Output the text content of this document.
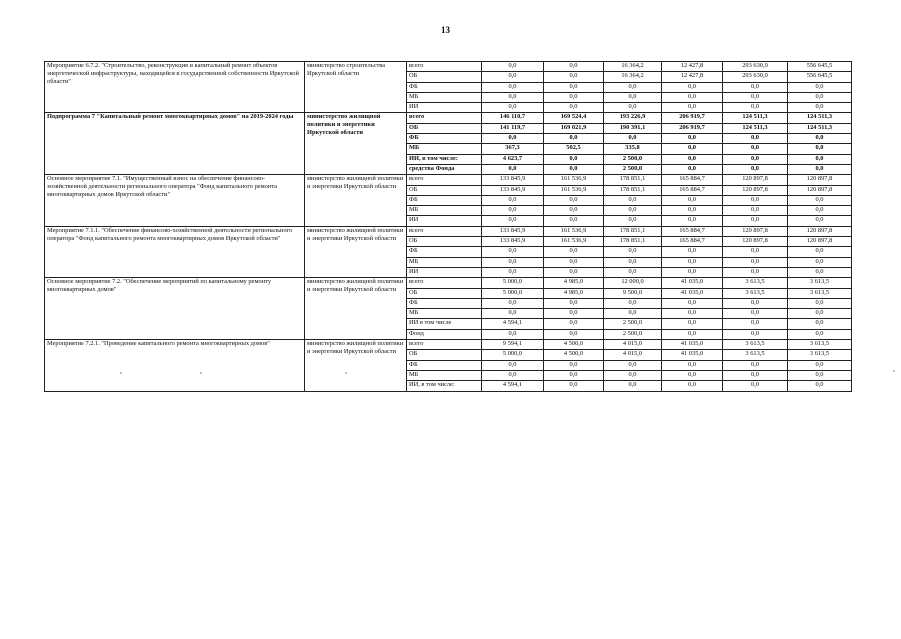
13
Мероприятие 6.7.2. "Строительство, реконструкция и капитальный ремонт объектов энергетической инфраструктуры, находящейся в государственной собственности Иркутской области"	министерство строительства Иркутской области	всего	0,0	0,0	16 364,2	12 427,8	293 630,0	556 645,5
		ОБ	0,0	0,0	16 364,2	12 427,8	293 630,0	556 645,5
		ФБ	0,0	0,0	0,0	0,0	0,0	0,0
		МБ	0,0	0,0	0,0	0,0	0,0	0,0
		ИИ	0,0	0,0	0,0	0,0	0,0	0,0
Подпрограмма 7 "Капитальный ремонт многоквартирных домов" на 2019-2024 годы	министерство жилищной политики и энергетики Иркутской области	всего	146 110,7	169 524,4	193 226,9	206 919,7	124 511,3	124 511,3
		ОБ	141 119,7	169 021,9	190 391,1	206 919,7	124 511,3	124 511,3
		ФБ	0,0	0,0	0,0	0,0	0,0	0,0
		МБ	367,3	502,5	335,8	0,0	0,0	0,0
		ИИ, в том числе:	4 623,7	0,0	2 500,0	0,0	0,0	0,0
		средства Фонда	0,0	0,0	2 500,0	0,0	0,0	0,0
Основное мероприятие 7.1. "Имущественный взнос на обеспечение финансово-хозяйственной деятельности регионального оператора "Фонд капитального ремонта многоквартирных домов Иркутской области"	министерство жилищной политики и энергетики Иркутской области	всего	133 845,9	161 536,9	178 851,1	165 884,7	120 897,8	120 897,8
		ОБ	133 845,9	161 536,9	178 851,1	165 884,7	120 897,8	120 897,8
		ФБ	0,0	0,0	0,0	0,0	0,0	0,0
		МБ	0,0	0,0	0,0	0,0	0,0	0,0
		ИИ	0,0	0,0	0,0	0,0	0,0	0,0
Мероприятие 7.1.1. "Обеспечение финансово-хозяйственной деятельности регионального оператора "Фонд капитального ремонта многоквартирных домов Иркутской области"	министерство жилищной политики и энергетики Иркутской области	всего	133 845,9	161 536,9	178 851,1	165 884,7	120 897,8	120 897,8
		ОБ	133 845,9	161 536,9	178 851,1	165 884,7	120 897,8	120 897,8
		ФБ	0,0	0,0	0,0	0,0	0,0	0,0
		МБ	0,0	0,0	0,0	0,0	0,0	0,0
		ИИ	0,0	0,0	0,0	0,0	0,0	0,0
Основное мероприятие 7.2. "Обеспечение мероприятий по капитальному ремонту многоквартирных домов"	министерство жилищной политики и энергетики Иркутской области	всего	5 000,0	4 985,0	12 000,0	41 035,0	3 613,5	3 613,5
		ОБ	5 000,0	4 985,0	9 500,0	41 035,0	3 613,5	3 613,5
		ФБ	0,0	0,0	0,0	0,0	0,0	0,0
		МБ	0,0	0,0	0,0	0,0	0,0	0,0
		ИИ в том числе	4 594,1	0,0	2 500,0	0,0	0,0	0,0
		Фонд	0,0	0,0	2 500,0	0,0	0,0	0,0
Мероприятие 7.2.1. "Проведение капитального ремонта многоквартирных домов"	министерство жилищной политики и энергетики Иркутской области	всего	9 594,1	4 500,0	4 015,0	41 035,0	3 613,5	3 613,5
		ОБ	5 000,0	4 500,0	4 015,0	41 035,0	3 613,5	3 613,5
		ФБ	0,0	0,0	0,0	0,0	0,0	0,0
		МБ	0,0	0,0	0,0	0,0	0,0	0,0
		ИИ, в том числе:	4 594,1	0,0	0,0	0,0	0,0	0,0
